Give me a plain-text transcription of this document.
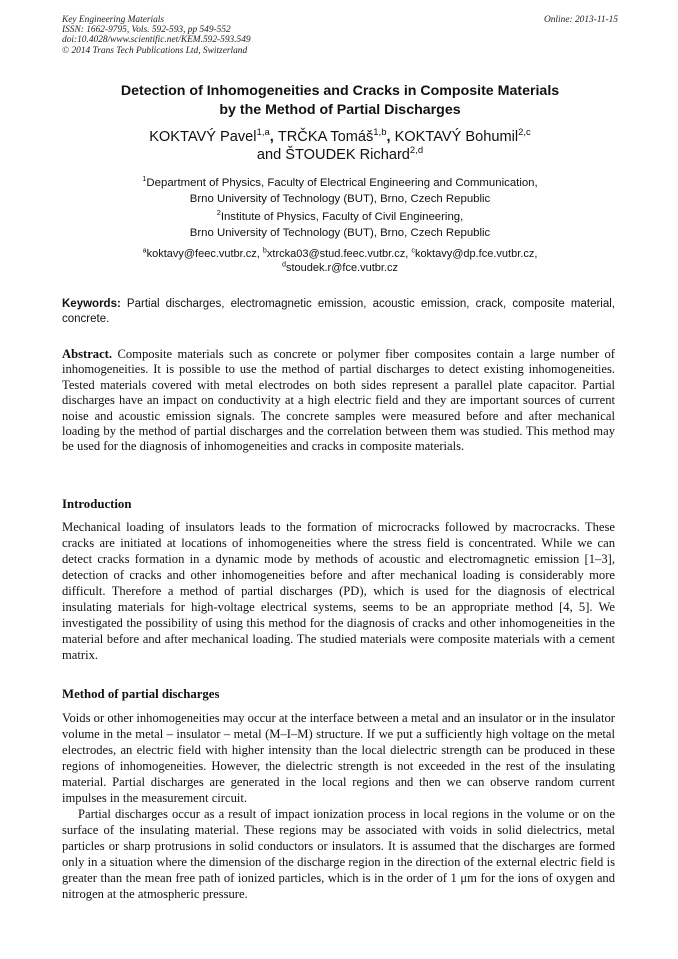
Key Engineering Materials
ISSN: 1662-9795, Vols. 592-593, pp 549-552
doi:10.4028/www.scientific.net/KEM.592-593.549
© 2014 Trans Tech Publications Ltd, Switzerland
Online: 2013-11-15
Detection of Inhomogeneities and Cracks in Composite Materials
by the Method of Partial Discharges
KOKTAVÝ Pavel$^{1,a}$, TRČKA Tomáš$^{1,b}$, KOKTAVÝ Bohumil$^{2,c}$
and ŠTOUDEK Richard$^{2,d}$
$^1$Department of Physics, Faculty of Electrical Engineering and Communication,
Brno University of Technology (BUT), Brno, Czech Republic
$^2$Institute of Physics, Faculty of Civil Engineering,
Brno University of Technology (BUT), Brno, Czech Republic
$^a$koktavy@feec.vutbr.cz, $^b$xtrcka03@stud.feec.vutbr.cz, $^c$koktavy@dp.fce.vutbr.cz,
$^d$stoudek.r@fce.vutbr.cz
Keywords: Partial discharges, electromagnetic emission, acoustic emission, crack, composite material, concrete.
Abstract. Composite materials such as concrete or polymer fiber composites contain a large number of inhomogeneities. It is possible to use the method of partial discharges to detect existing inhomogeneities. Tested materials covered with metal electrodes on both sides represent a parallel plate capacitor. Partial discharges have an impact on conductivity at a high electric field and they are important sources of current noise and acoustic emission signals. The concrete samples were measured before and after mechanical loading by the method of partial discharges and the correlation between them was studied. This method may be used for the diagnosis of inhomogeneities and cracks in composite materials.
Introduction
Mechanical loading of insulators leads to the formation of microcracks followed by macrocracks. These cracks are initiated at locations of inhomogeneities where the stress field is concentrated. While we can detect cracks formation in a dynamic mode by methods of acoustic and electromagnetic emission [1–3], detection of cracks and other inhomogeneities before and after mechanical loading is considerably more difficult. Therefore a method of partial discharges (PD), which is used for the diagnosis of electrical insulating materials for high-voltage electrical systems, seems to be an appropriate method [4, 5]. We investigated the possibility of using this method for the diagnosis of cracks and other inhomogeneities in the material before and after mechanical loading. The studied materials were composite materials with a cement matrix.
Method of partial discharges

Voids or other inhomogeneities may occur at the interface between a metal and an insulator or in the insulator volume in the metal – insulator – metal (M–I–M) structure. If we put a sufficiently high voltage on the metal electrodes, an electric field with higher intensity than the local dielectric strength can be produced in these regions of inhomogeneities. However, the dielectric strength is not exceeded in the rest of the insulating material. Partial discharges are generated in the local regions and then we can observe random current impulses in the measurement circuit.

Partial discharges occur as a result of impact ionization process in local regions in the volume or on the surface of the insulating material. These regions may be associated with voids in solid dielectrics, metal particles or sharp protrusions in solid conductors or insulators. It is assumed that the discharges are formed only in a situation where the dimension of the discharge region in the direction of the external electric field is greater than the mean free path of ionized particles, which is in the order of 1 μm for the ions of oxygen and nitrogen at the atmospheric pressure.
